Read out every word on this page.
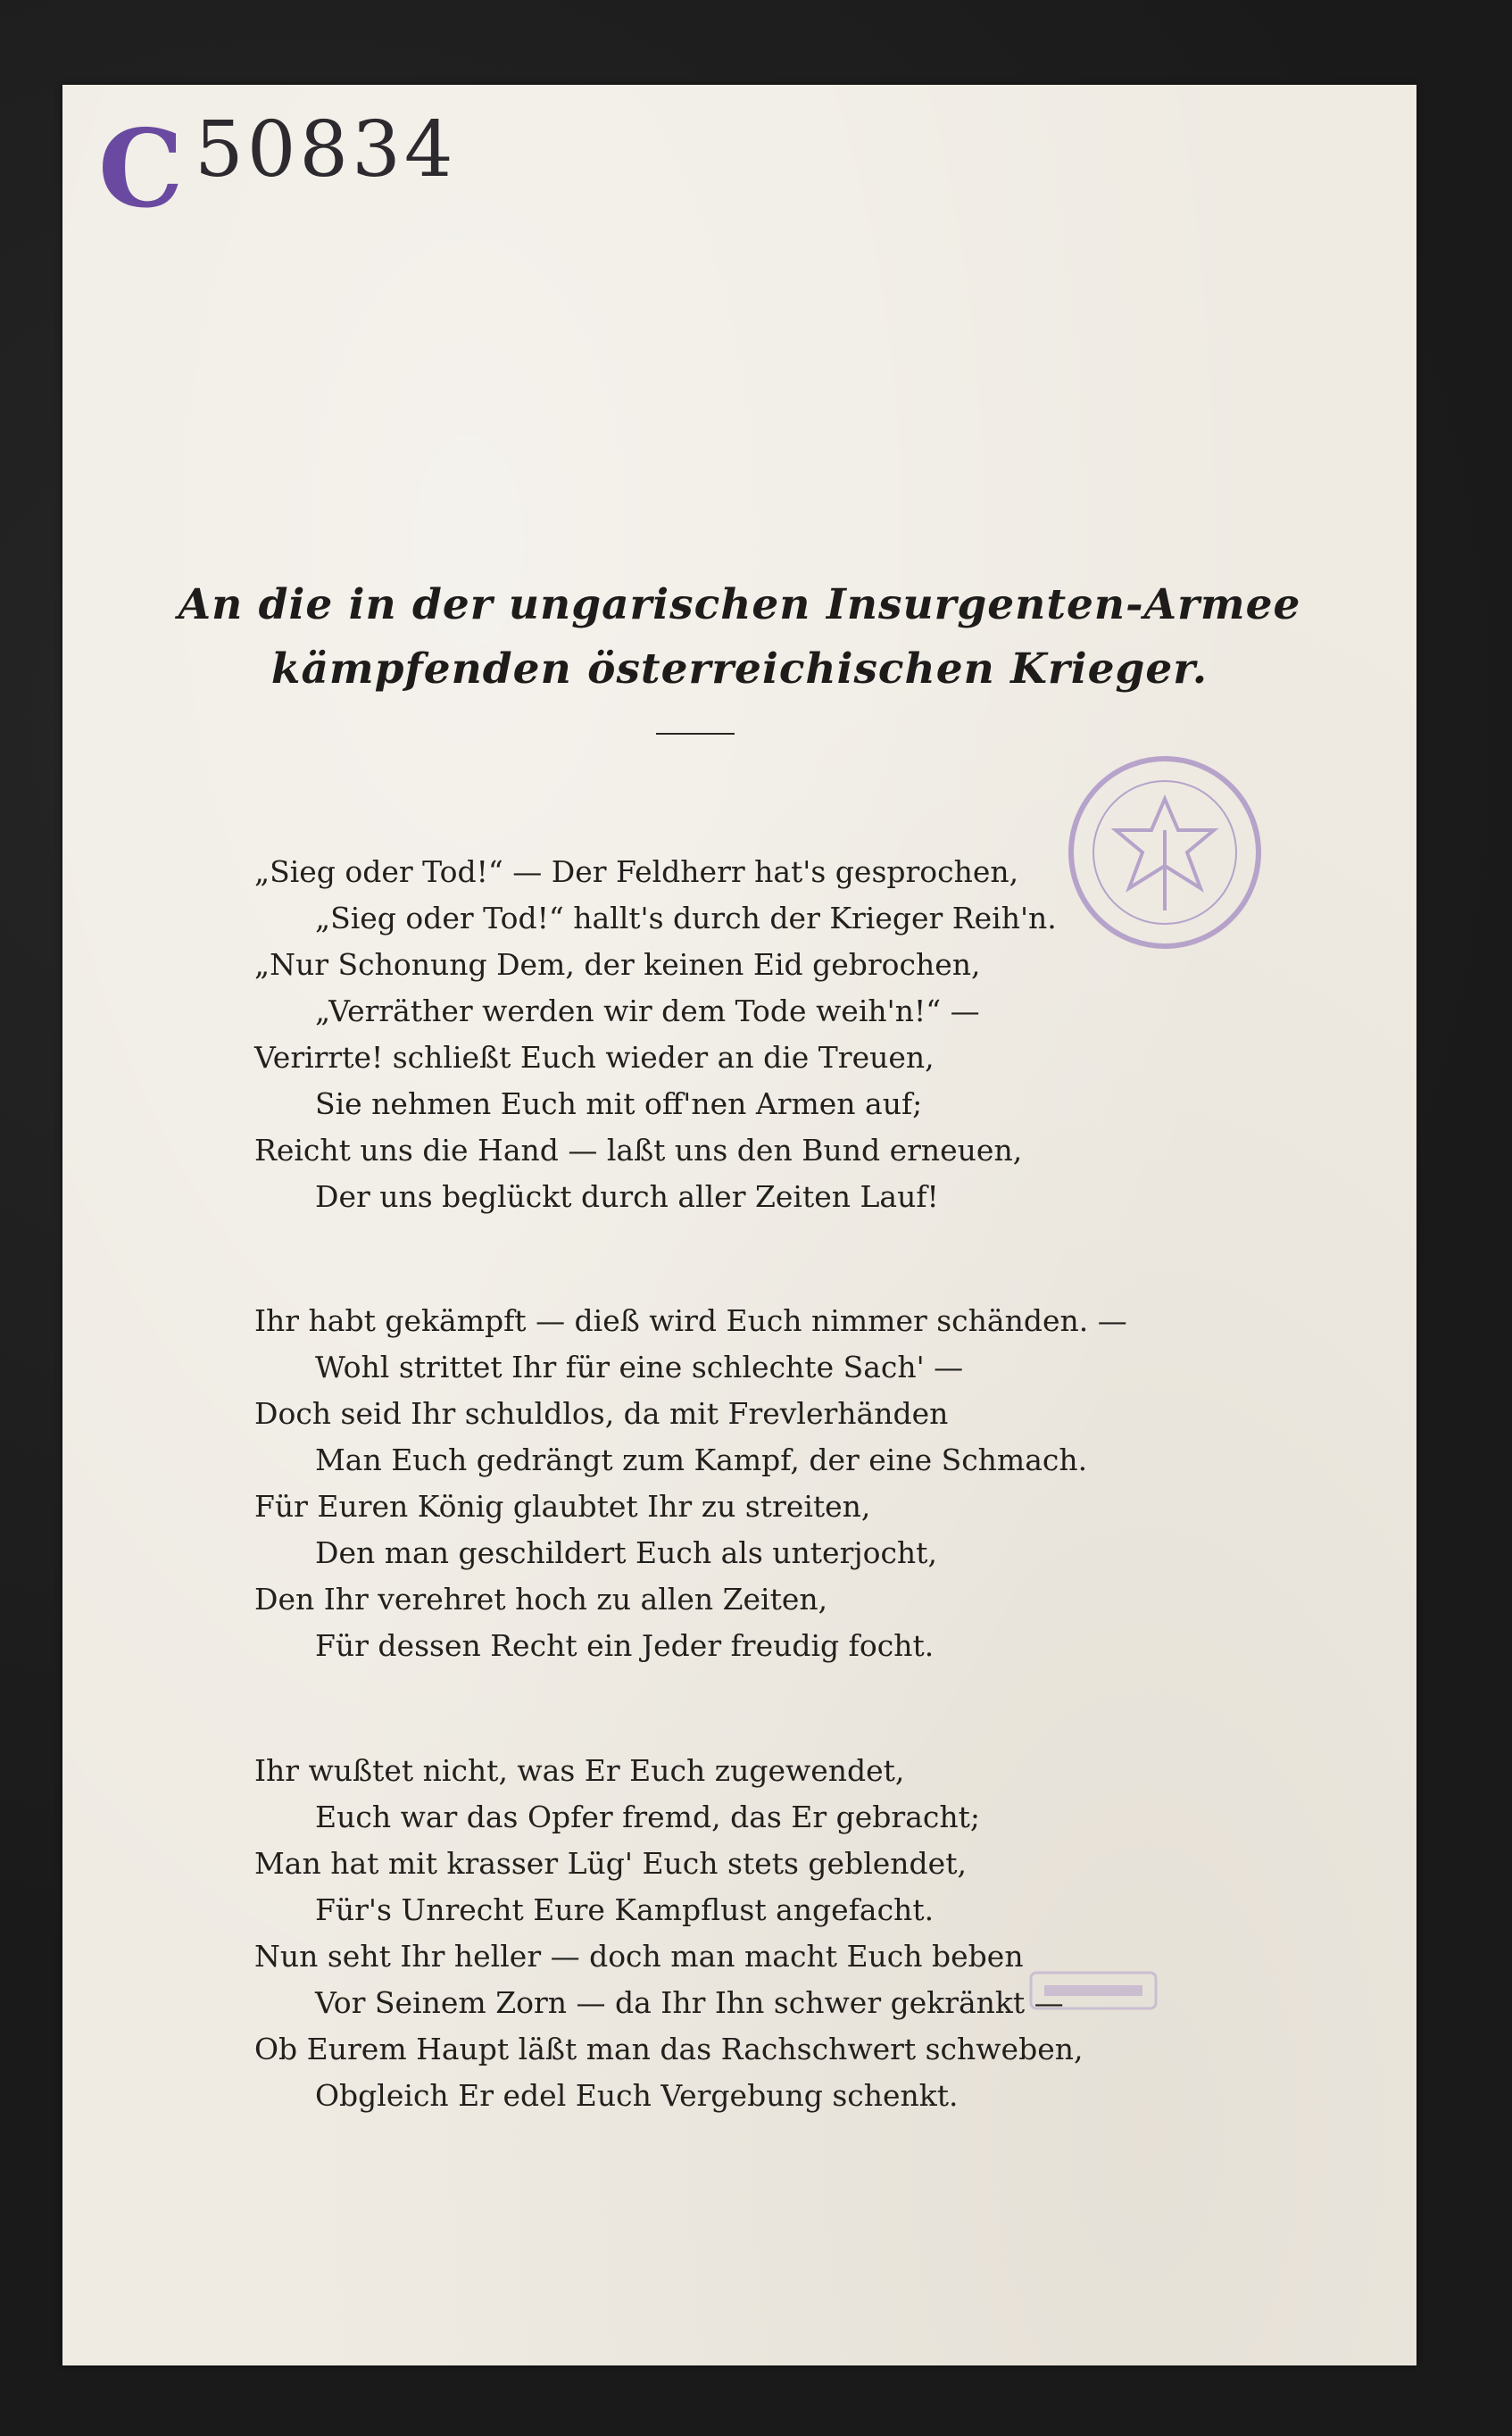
C 50834
An die in der ungarischen Insurgenten-Armee
kämpfenden österreichischen Krieger.
„Sieg oder Tod!“ — Der Feldherr hat's gesprochen,
„Sieg oder Tod!“ hallt's durch der Krieger Reih'n.
„Nur Schonung Dem, der keinen Eid gebrochen,
„Verräther werden wir dem Tode weih'n!“ —
Verirrte! schließt Euch wieder an die Treuen,
Sie nehmen Euch mit off'nen Armen auf;
Reicht uns die Hand — laßt uns den Bund erneuen,
Der uns beglückt durch aller Zeiten Lauf!
Ihr habt gekämpft — dieß wird Euch nimmer schänden. —
Wohl strittet Ihr für eine schlechte Sach' —
Doch seid Ihr schuldlos, da mit Frevlerhänden
Man Euch gedrängt zum Kampf, der eine Schmach.
Für Euren König glaubtet Ihr zu streiten,
Den man geschildert Euch als unterjocht,
Den Ihr verehret hoch zu allen Zeiten,
Für dessen Recht ein Jeder freudig focht.
Ihr wußtet nicht, was Er Euch zugewendet,
Euch war das Opfer fremd, das Er gebracht;
Man hat mit krasser Lüg' Euch stets geblendet,
Für's Unrecht Eure Kampflust angefacht.
Nun seht Ihr heller — doch man macht Euch beben
Vor Seinem Zorn — da Ihr Ihn schwer gekränkt —
Ob Eurem Haupt läßt man das Rachschwert schweben,
Obgleich Er edel Euch Vergebung schenkt.
